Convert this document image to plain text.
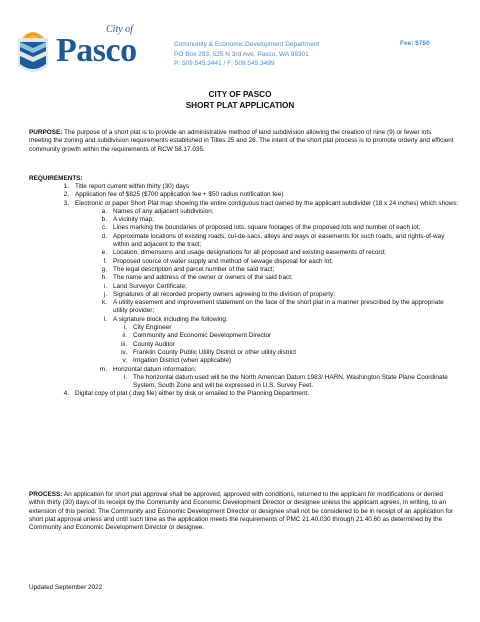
City of
Pasco	Community & Economic Development Department
PO Box 293, 525 N 3rd Ave, Pasco, WA 99301
P: 509.545.3441 / F: 509.545.3499
Fee: $750
CITY OF PASCO
SHORT PLAT APPLICATION
PURPOSE: The purpose of a short plat is to provide an administrative method of land subdivision allowing the creation of nine (9) or fewer lots meeting the zoning and subdivision requirements established in Titles 25 and 26. The intent of the short plat process is to promote orderly and efficient community growth within the requirements of RCW 58.17.035.
REQUIREMENTS:
1. Title report current within thirty (30) days
2. Application fee of $825 ($700 application fee + $50 radius notification fee)
3. Electronic or paper Short Plat map showing the entire contiguous tract owned by the applicant subdivider (18 x 24 inches) which shows:
a. Names of any adjacent subdivision;
b. A vicinity map;
c. Lines marking the boundaries of proposed lots, square footages of the proposed lots and number of each lot;
d. Approximate locations of existing roads, cul-de-sacs, alleys and ways or easements for such roads, and rights-of-way within and adjacent to the tract;
e. Location, dimensions and usage designations for all proposed and existing easements of record;
f. Proposed source of water supply and method of sewage disposal for each lot;
g. The legal description and parcel number of the said tract;
h. The name and address of the owner or owners of the said tract;
i. Land Surveyor Certificate;
j. Signatures of all recorded property owners agreeing to the division of property;
k. A utility easement and improvement statement on the face of the short plat in a manner prescribed by the appropriate utility provider;
l. A signature block including the following:
i. City Engineer
ii. Community and Economic Development Director
iii. County Auditor
iv. Franklin County Public Utility District or other utility district
v. Irrigation District (when applicable)
m. Horizontal datum information:
i. The horizontal datum used will be the North American Datum 1983/ HARN, Washington State Plane Coordinate System, South Zone and will be expressed in U.S. Survey Feet.
4. Digital copy of plat (.dwg file) either by disk or emailed to the Planning Department.
PROCESS: An application for short plat approval shall be approved, approved with conditions, returned to the applicant for modifications or denied within thirty (30) days of its receipt by the Community and Economic Development Director or designee unless the applicant agrees, in writing, to an extension of this period. The Community and Economic Development Director or designee shall not be considered to be in receipt of an application for short plat approval unless and until such time as the application meets the requirements of PMC 21.40.030 through 21.40.60 as determined by the Community and Economic Development Director or designee.
Updated September 2022
